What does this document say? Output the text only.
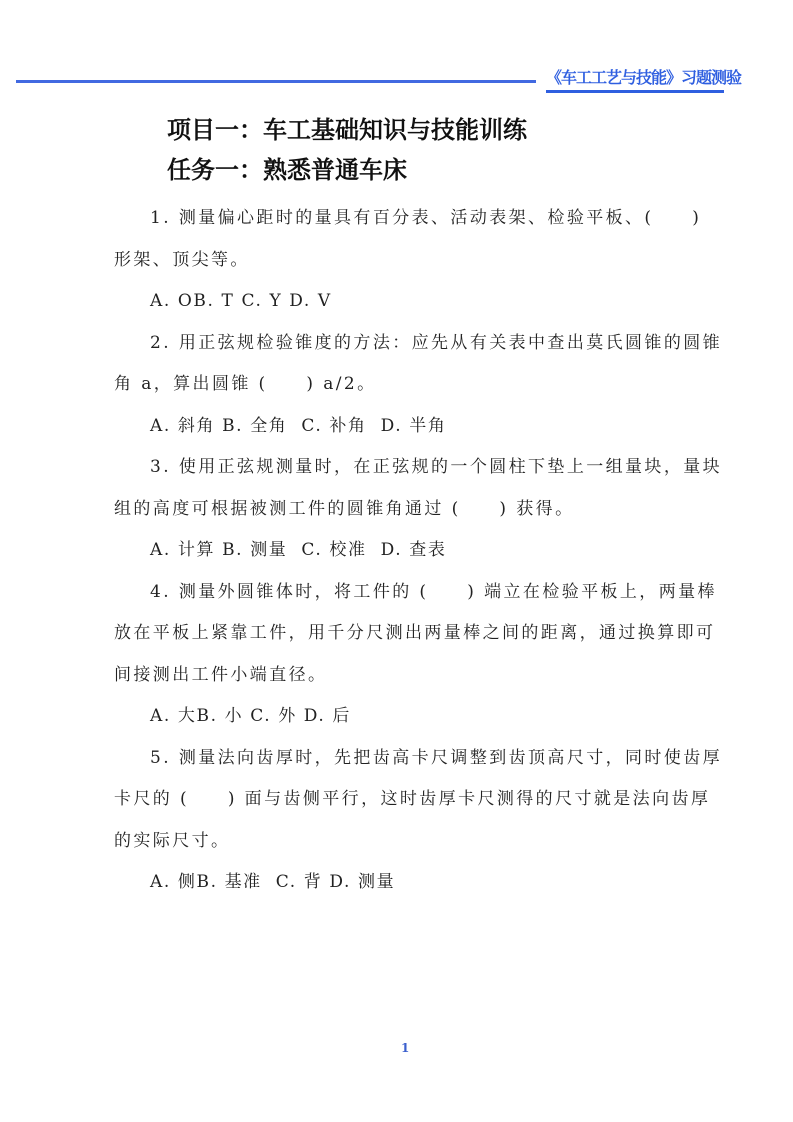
《车工工艺与技能》习题测验
项目一：车工基础知识与技能训练
任务一：熟悉普通车床
1. 测量偏心距时的量具有百分表、活动表架、检验平板、(　　)
形架、顶尖等。
A. OB. T C. Y D. V
2. 用正弦规检验锥度的方法：应先从有关表中查出莫氏圆锥的圆锥
角 a，算出圆锥 (　　) a/2。
A. 斜角 B. 全角  C. 补角  D. 半角
3. 使用正弦规测量时，在正弦规的一个圆柱下垫上一组量块，量块
组的高度可根据被测工件的圆锥角通过 (　　) 获得。
A. 计算 B. 测量  C. 校准  D. 查表
4. 测量外圆锥体时，将工件的 (　　) 端立在检验平板上，两量棒
放在平板上紧靠工件，用千分尺测出两量棒之间的距离，通过换算即可
间接测出工件小端直径。
A. 大B. 小 C. 外 D. 后
5. 测量法向齿厚时，先把齿高卡尺调整到齿顶高尺寸，同时使齿厚
卡尺的 (　　) 面与齿侧平行，这时齿厚卡尺测得的尺寸就是法向齿厚
的实际尺寸。
A. 侧B. 基准  C. 背 D. 测量
1
